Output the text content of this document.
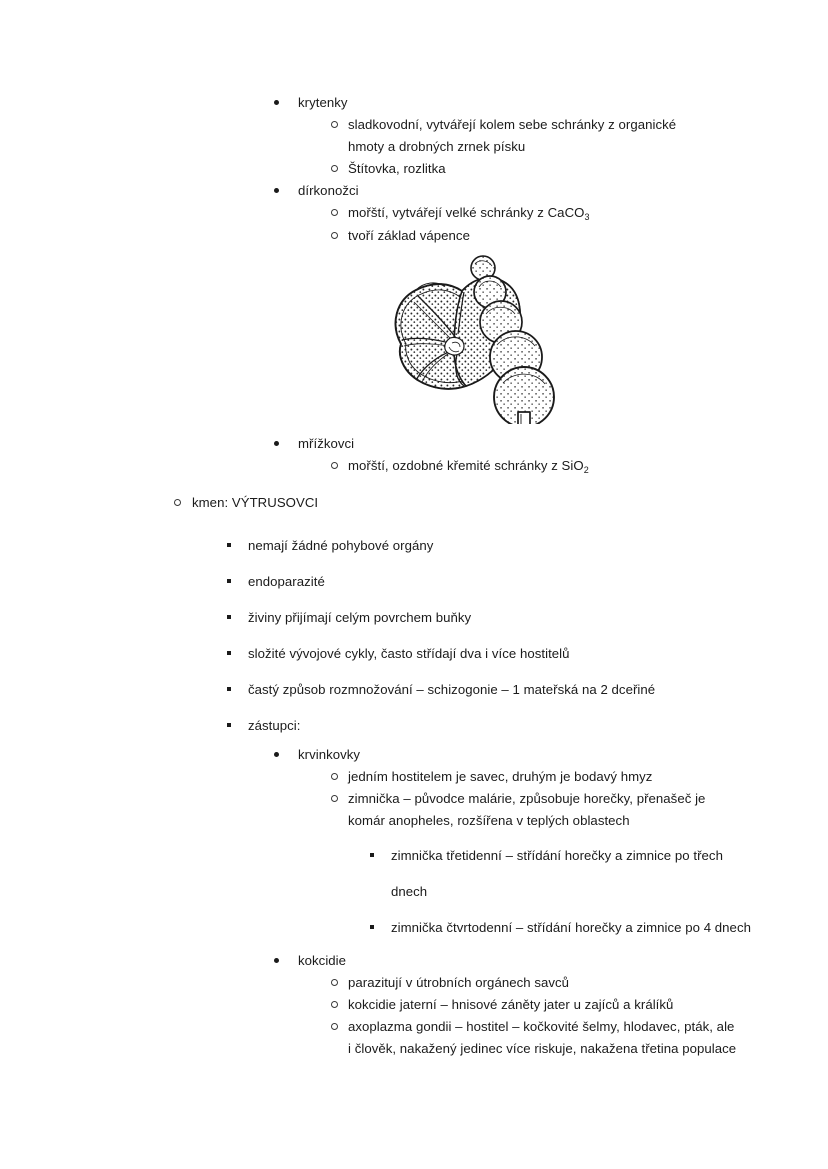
krytenky
sladkovodní, vytvářejí kolem sebe schránky z organické hmoty a drobných zrnek písku
Štítovka, rozlitka
dírkonožci
mořští, vytvářejí velké schránky z CaCO$_3$
tvoří základ vápence
mřížkovci
mořští, ozdobné křemité schránky z SiO$_2$
kmen: VÝTRUSOVCI
nemají žádné pohybové orgány
endoparazité
živiny přijímají celým povrchem buňky
složité vývojové cykly, často střídají dva i více hostitelů
častý způsob rozmnožování – schizogonie – 1 mateřská na 2 dceřiné
zástupci:
krvinkovky
jedním hostitelem je savec, druhým je bodavý hmyz
zimnička – původce malárie, způsobuje horečky, přenašeč je komár anopheles, rozšířena v teplých oblastech
zimnička třetidenní – střídání horečky a zimnice po třech dnech
zimnička čtvrtodenní – střídání horečky a zimnice po 4 dnech
kokcidie
parazitují v útrobních orgánech savců
kokcidie jaterní – hnisové záněty jater u zajíců a králíků
axoplazma gondii – hostitel – kočkovité šelmy, hlodavec, pták, ale i člověk, nakažený jedinec více riskuje, nakažena třetina populace
